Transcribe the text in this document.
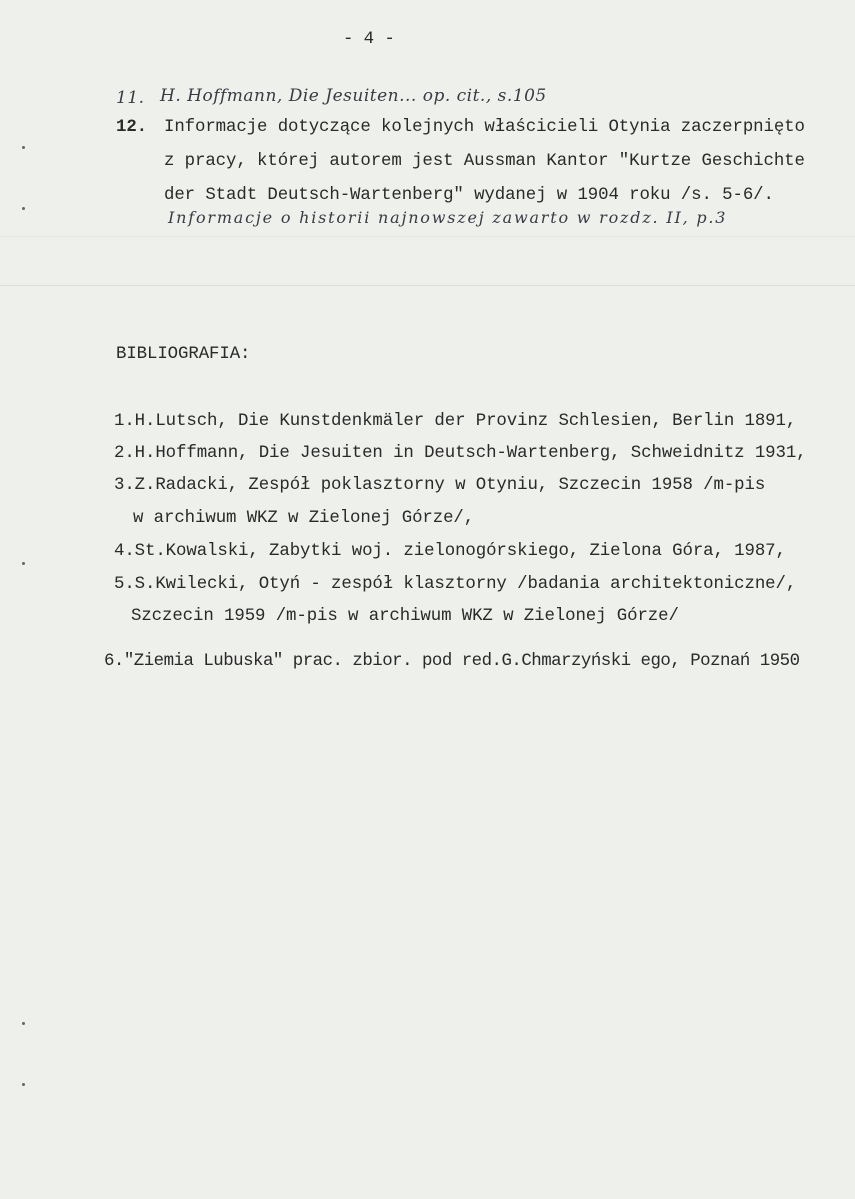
- 4 -
11. H. Hoffmann, Die Jesuiten... op. cit., s.105
12. Informacje dotyczące kolejnych właścicieli Otynia zaczerpnięto
z pracy, której autorem jest Aussman Kantor "Kurtze Geschichte
der Stadt Deutsch-Wartenberg" wydanej w 1904 roku /s. 5-6/.
Informacje o historii najnowszej zawarto w rozdz. II, p.3
BIBLIOGRAFIA:
1.H.Lutsch, Die Kunstdenkmäler der Provinz Schlesien, Berlin 1891,
2.H.Hoffmann, Die Jesuiten in Deutsch-Wartenberg, Schweidnitz 1931,
3.Z.Radacki, Zespół poklasztorny w Otyniu, Szczecin 1958 /m-pis
w archiwum WKZ w Zielonej Górze/,
4.St.Kowalski, Zabytki woj. zielonogórskiego, Zielona Góra, 1987,
5.S.Kwilecki, Otyń - zespół klasztorny /badania architektoniczne/,
Szczecin 1959 /m-pis w archiwum WKZ w Zielonej Górze/
6."Ziemia Lubuska" prac. zbior. pod red.G.Chmarzyński ego, Poznań 1950
